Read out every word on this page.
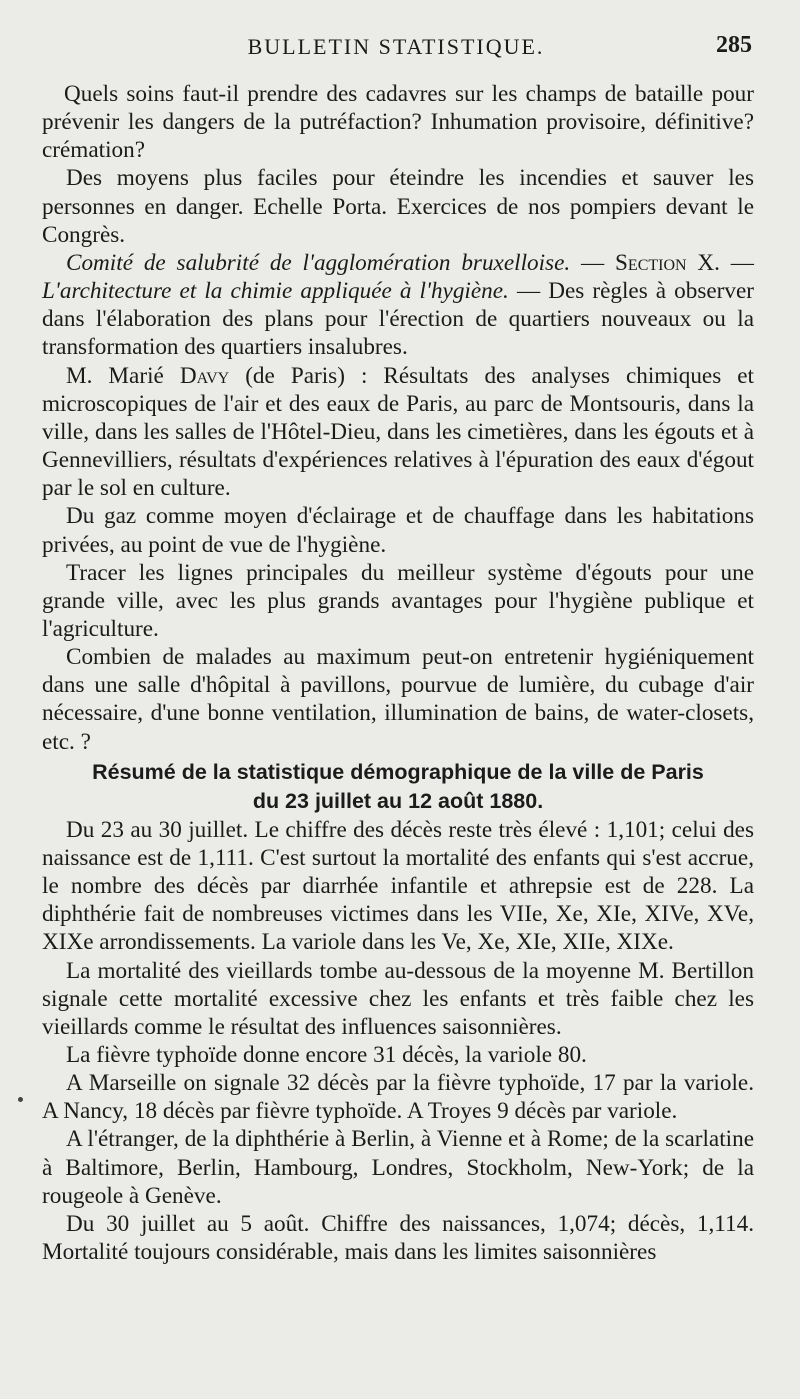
BULLETIN STATISTIQUE.	285

Quels soins faut-il prendre des cadavres sur les champs de bataille pour prévenir les dangers de la putréfaction? Inhumation provisoire, définitive? crémation?

Des moyens plus faciles pour éteindre les incendies et sauver les personnes en danger. Echelle Porta. Exercices de nos pompiers devant le Congrès.

Comité de salubrité de l'agglomération bruxelloise. — Section X. — L'architecture et la chimie appliquée à l'hygiène. — Des règles à observer dans l'élaboration des plans pour l'érection de quartiers nouveaux ou la transformation des quartiers insalubres.

M. Marié Davy (de Paris) : Résultats des analyses chimiques et microscopiques de l'air et des eaux de Paris, au parc de Montsouris, dans la ville, dans les salles de l'Hôtel-Dieu, dans les cimetières, dans les égouts et à Gennevilliers, résultats d'expériences relatives à l'épuration des eaux d'égout par le sol en culture.

Du gaz comme moyen d'éclairage et de chauffage dans les habitations privées, au point de vue de l'hygiène.

Tracer les lignes principales du meilleur système d'égouts pour une grande ville, avec les plus grands avantages pour l'hygiène publique et l'agriculture.

Combien de malades au maximum peut-on entretenir hygiéniquement dans une salle d'hôpital à pavillons, pourvue de lumière, du cubage d'air nécessaire, d'une bonne ventilation, illumination de bains, de water-closets, etc. ?

Résumé de la statistique démographique de la ville de Paris
du 23 juillet au 12 août 1880.

Du 23 au 30 juillet. Le chiffre des décès reste très élevé : 1,101; celui des naissance est de 1,111. C'est surtout la mortalité des enfants qui s'est accrue, le nombre des décès par diarrhée infantile et athrepsie est de 228. La diphthérie fait de nombreuses victimes dans les VIIe, Xe, XIe, XIVe, XVe, XIXe arrondissements. La variole dans les Ve, Xe, XIe, XIIe, XIXe.

La mortalité des vieillards tombe au-dessous de la moyenne M. Bertillon signale cette mortalité excessive chez les enfants et très faible chez les vieillards comme le résultat des influences saisonnières.

La fièvre typhoïde donne encore 31 décès, la variole 80.

A Marseille on signale 32 décès par la fièvre typhoïde, 17 par la variole. A Nancy, 18 décès par fièvre typhoïde. A Troyes 9 décès par variole.

A l'étranger, de la diphthérie à Berlin, à Vienne et à Rome; de la scarlatine à Baltimore, Berlin, Hambourg, Londres, Stockholm, New-York; de la rougeole à Genève.

Du 30 juillet au 5 août. Chiffre des naissances, 1,074; décès, 1,114. Mortalité toujours considérable, mais dans les limites saisonnières
